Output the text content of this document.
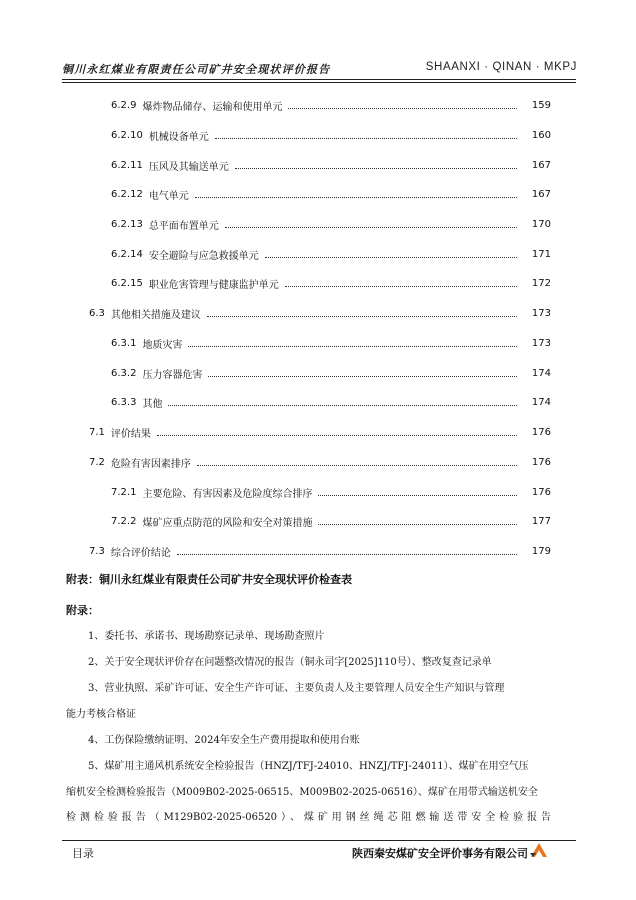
铜川永红煤业有限责任公司矿井安全现状评价报告	SHAANXI · QINAN · MKPJ
6.2.9 爆炸物品储存、运输和使用单元	159
6.2.10 机械设备单元	160
6.2.11 压风及其输送单元	167
6.2.12 电气单元	167
6.2.13 总平面布置单元	170
6.2.14 安全避险与应急救援单元	171
6.2.15 职业危害管理与健康监护单元	172
6.3 其他相关措施及建议	173
6.3.1 地质灾害	173
6.3.2 压力容器危害	174
6.3.3 其他	174
7.1 评价结果	176
7.2 危险有害因素排序	176
7.2.1 主要危险、有害因素及危险度综合排序	176
7.2.2 煤矿应重点防范的风险和安全对策措施	177
7.3 综合评价结论	179
附表：铜川永红煤业有限责任公司矿井安全现状评价检查表
附录：
1、委托书、承诺书、现场勘察记录单、现场勘查照片
2、关于安全现状评价存在问题整改情况的报告（铜永司字[2025]110号）、整改复查记录单
3、营业执照、采矿许可证、安全生产许可证、主要负责人及主要管理人员安全生产知识与管理
能力考核合格证
4、工伤保险缴纳证明、2024年安全生产费用提取和使用台账
5、煤矿用主通风机系统安全检验报告（HNZJ/TFJ-24010、HNZJ/TFJ-24011）、煤矿在用空气压
缩机安全检测检验报告（M009B02-2025-06515、M009B02-2025-06516）、煤矿在用带式输送机安全
检测检验报告（M129B02-2025-06520）、煤矿用钢丝绳芯阻燃输送带安全检验报告
目录	陕西秦安煤矿安全评价事务有限公司
